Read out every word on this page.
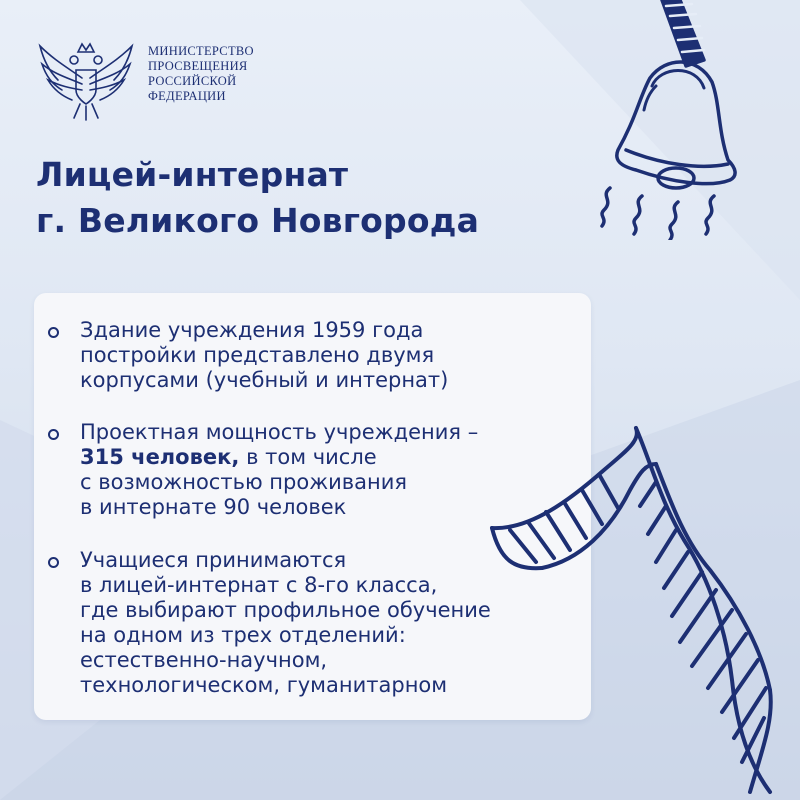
МИНИСТЕРСТВО
ПРОСВЕЩЕНИЯ
РОССИЙСКОЙ
ФЕДЕРАЦИИ
Лицей-интернат
г. Великого Новгорода
Здание учреждения 1959 года
постройки представлено двумя
корпусами (учебный и интернат)
Проектная мощность учреждения –
315 человек, в том числе
с возможностью проживания
в интернате 90 человек
Учащиеся принимаются
в лицей-интернат с 8-го класса,
где выбирают профильное обучение
на одном из трех отделений:
естественно-научном,
технологическом, гуманитарном
